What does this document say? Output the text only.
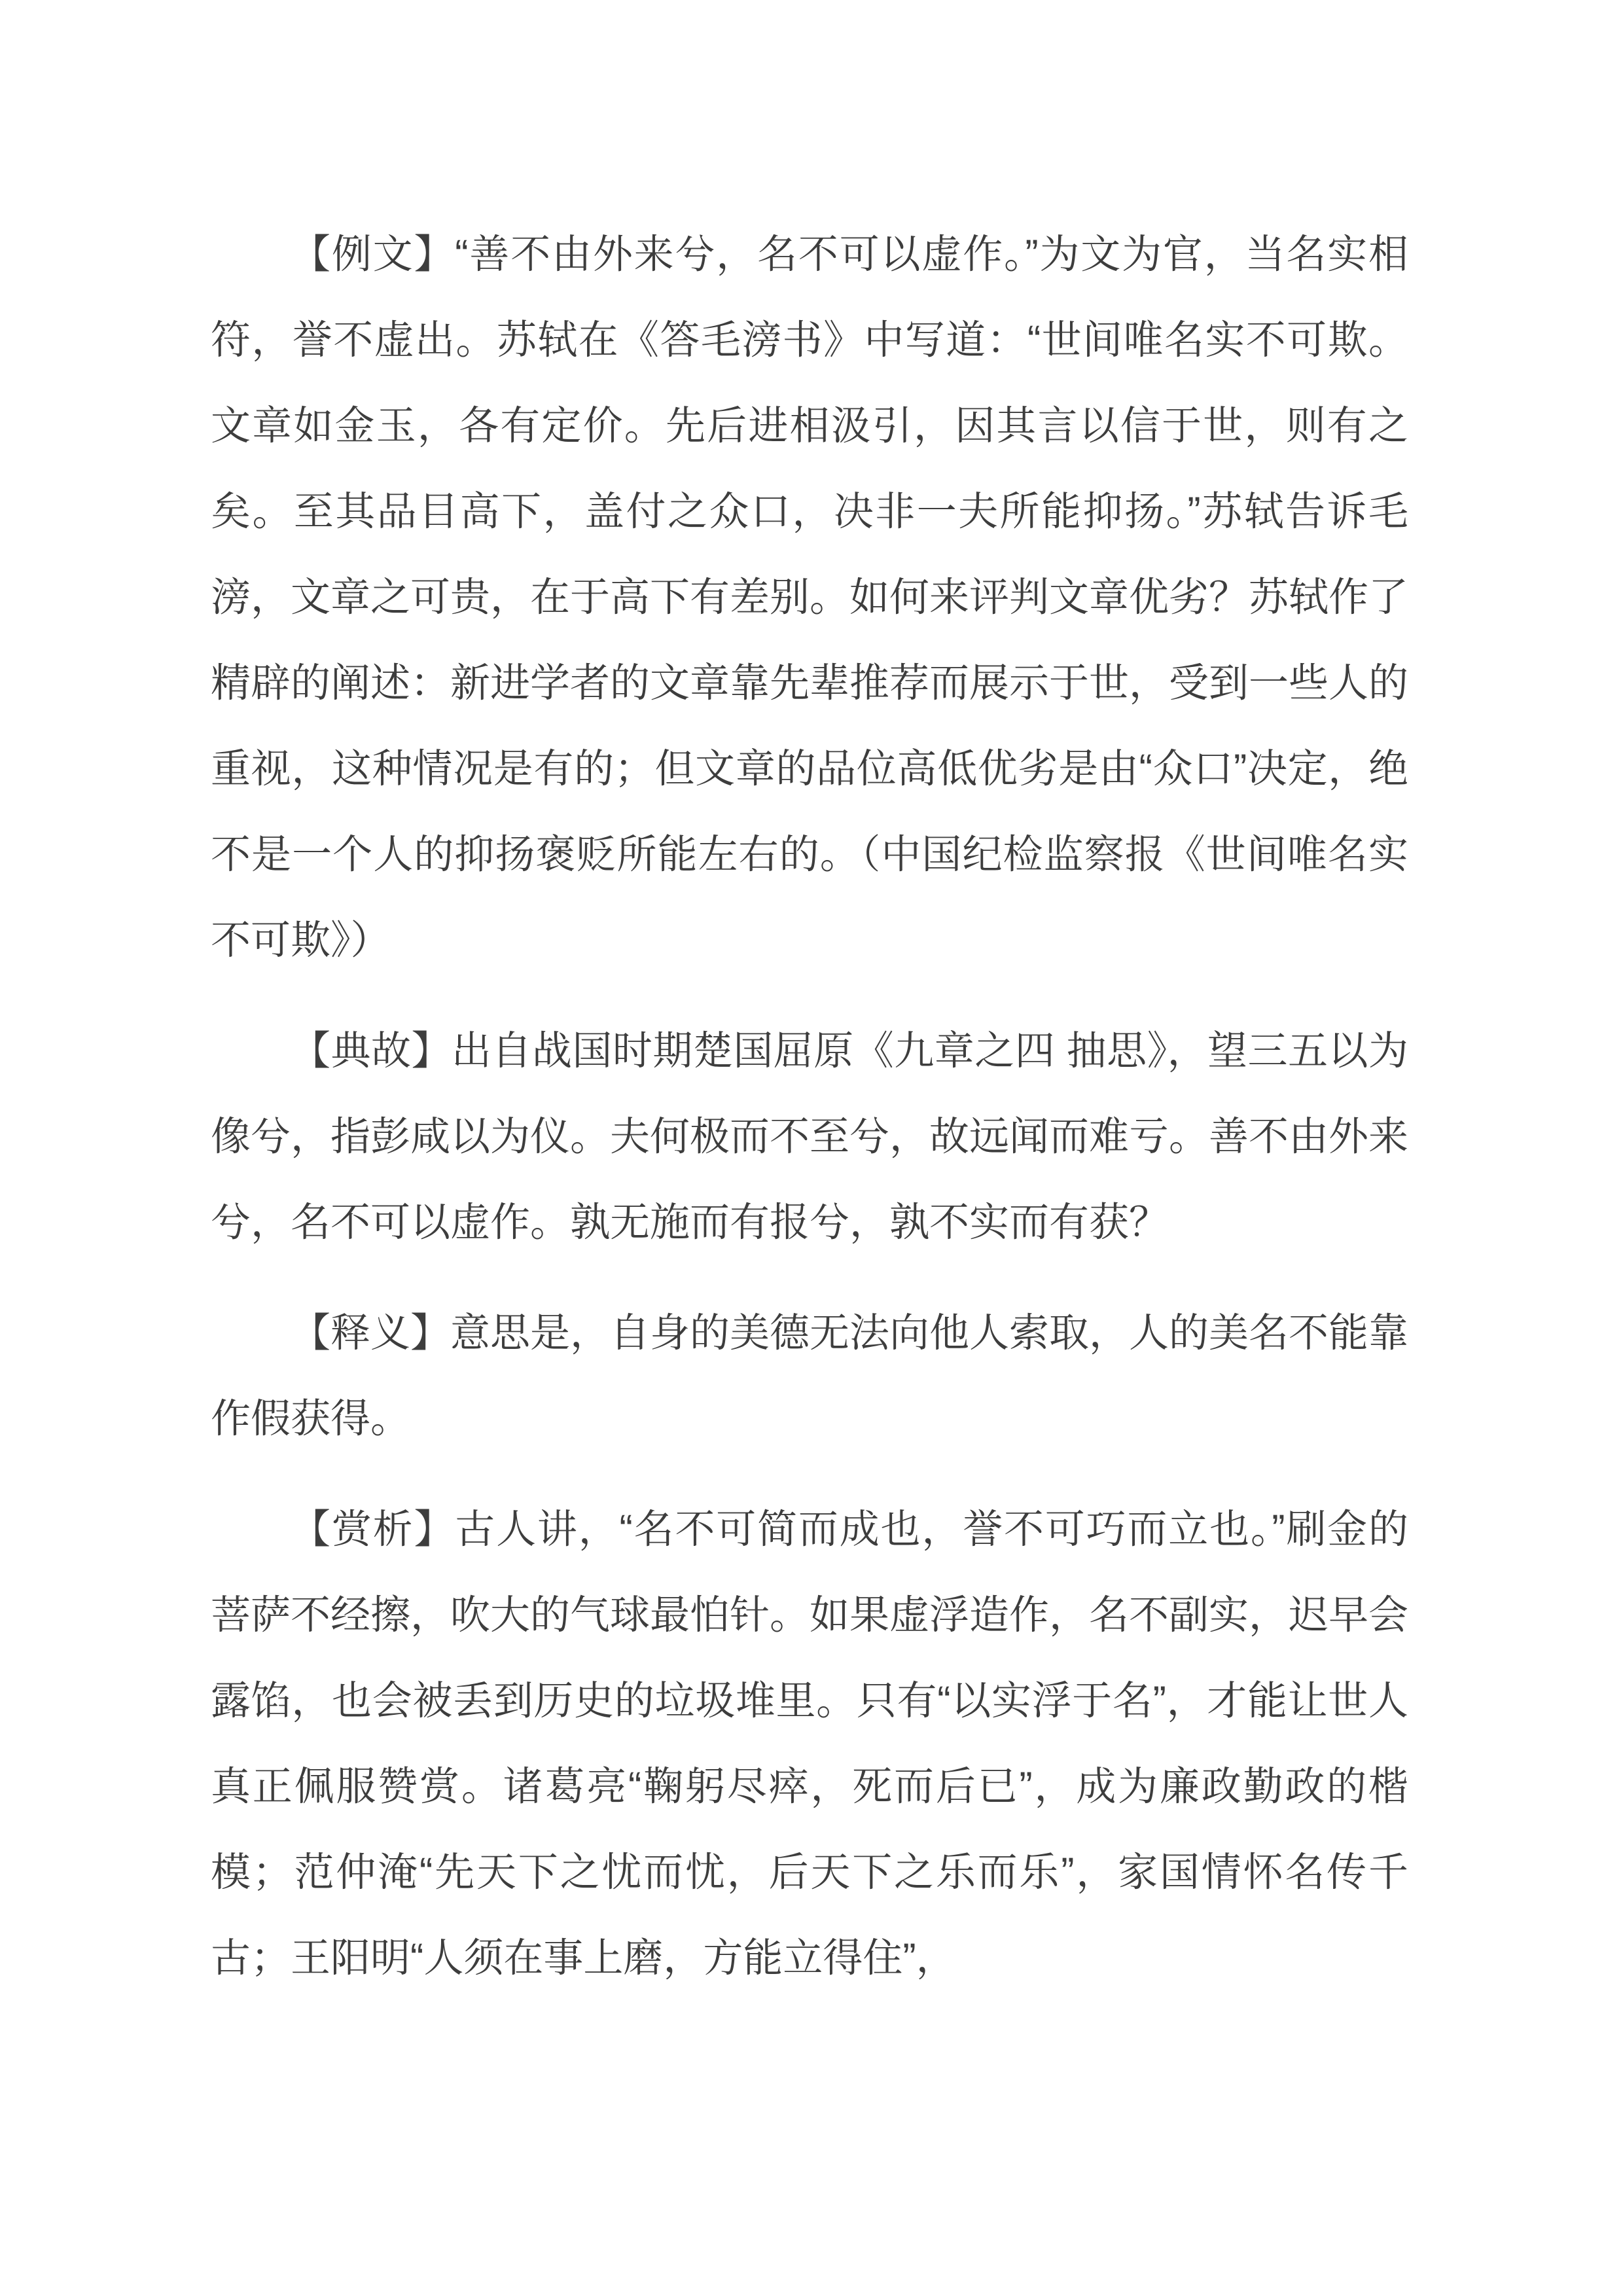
【例文】“善不由外来兮，名不可以虚作。”为文为官，当名实相符，誉不虚出。苏轼在《答毛滂书》中写道：“世间唯名实不可欺。文章如金玉，各有定价。先后进相汲引，因其言以信于世，则有之矣。至其品目高下，盖付之众口，决非一夫所能抑扬。”苏轼告诉毛滂，文章之可贵，在于高下有差别。如何来评判文章优劣？苏轼作了精辟的阐述：新进学者的文章靠先辈推荐而展示于世，受到一些人的重视，这种情况是有的；但文章的品位高低优劣是由“众口”决定，绝不是一个人的抑扬褒贬所能左右的。（中国纪检监察报《世间唯名实不可欺》）

【典故】出自战国时期楚国屈原《九章之四 抽思》，望三五以为像兮，指彭咸以为仪。夫何极而不至兮，故远闻而难亏。善不由外来兮，名不可以虚作。孰无施而有报兮，孰不实而有获？

【释义】意思是，自身的美德无法向他人索取，人的美名不能靠作假获得。

【赏析】古人讲，“名不可简而成也，誉不可巧而立也。”刷金的菩萨不经擦，吹大的气球最怕针。如果虚浮造作，名不副实，迟早会露馅，也会被丢到历史的垃圾堆里。只有“以实浮于名”，才能让世人真正佩服赞赏。诸葛亮“鞠躬尽瘁，死而后已”，成为廉政勤政的楷模；范仲淹“先天下之忧而忧，后天下之乐而乐”，家国情怀名传千古；王阳明“人须在事上磨，方能立得住”，
